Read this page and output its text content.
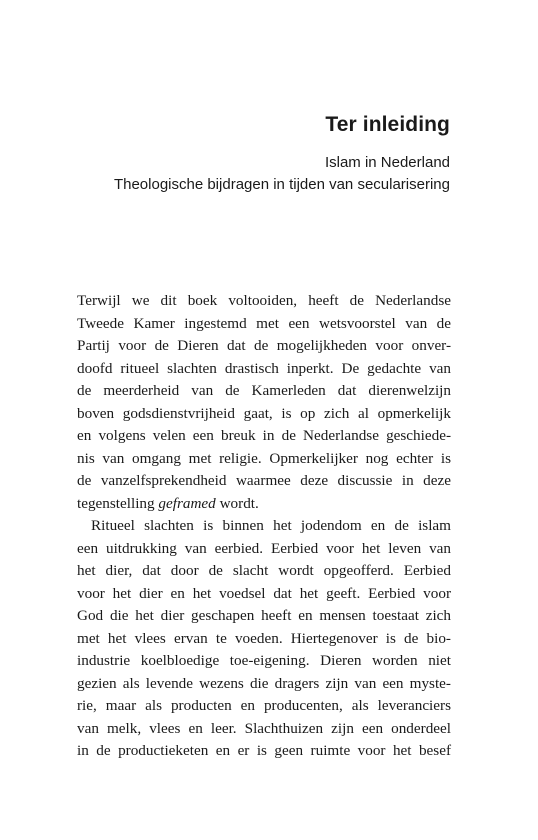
Ter inleiding
Islam in Nederland
Theologische bijdragen in tijden van secularisering
Terwijl we dit boek voltooiden, heeft de Nederlandse
Tweede Kamer ingestemd met een wetsvoorstel van de
Partij voor de Dieren dat de mogelijkheden voor onver-
doofd ritueel slachten drastisch inperkt. De gedachte van
de meerderheid van de Kamerleden dat dierenwelzijn
boven godsdienstvrijheid gaat, is op zich al opmerkelijk
en volgens velen een breuk in de Nederlandse geschiede-
nis van omgang met religie. Opmerkelijker nog echter is
de vanzelfsprekendheid waarmee deze discussie in deze
tegenstelling geframed wordt.
Ritueel slachten is binnen het jodendom en de islam
een uitdrukking van eerbied. Eerbied voor het leven van
het dier, dat door de slacht wordt opgeofferd. Eerbied
voor het dier en het voedsel dat het geeft. Eerbied voor
God die het dier geschapen heeft en mensen toestaat zich
met het vlees ervan te voeden. Hiertegenover is de bio-
industrie koelbloedige toe-eigening. Dieren worden niet
gezien als levende wezens die dragers zijn van een myste-
rie, maar als producten en producenten, als leveranciers
van melk, vlees en leer. Slachthuizen zijn een onderdeel
in de productieketen en er is geen ruimte voor het besef
